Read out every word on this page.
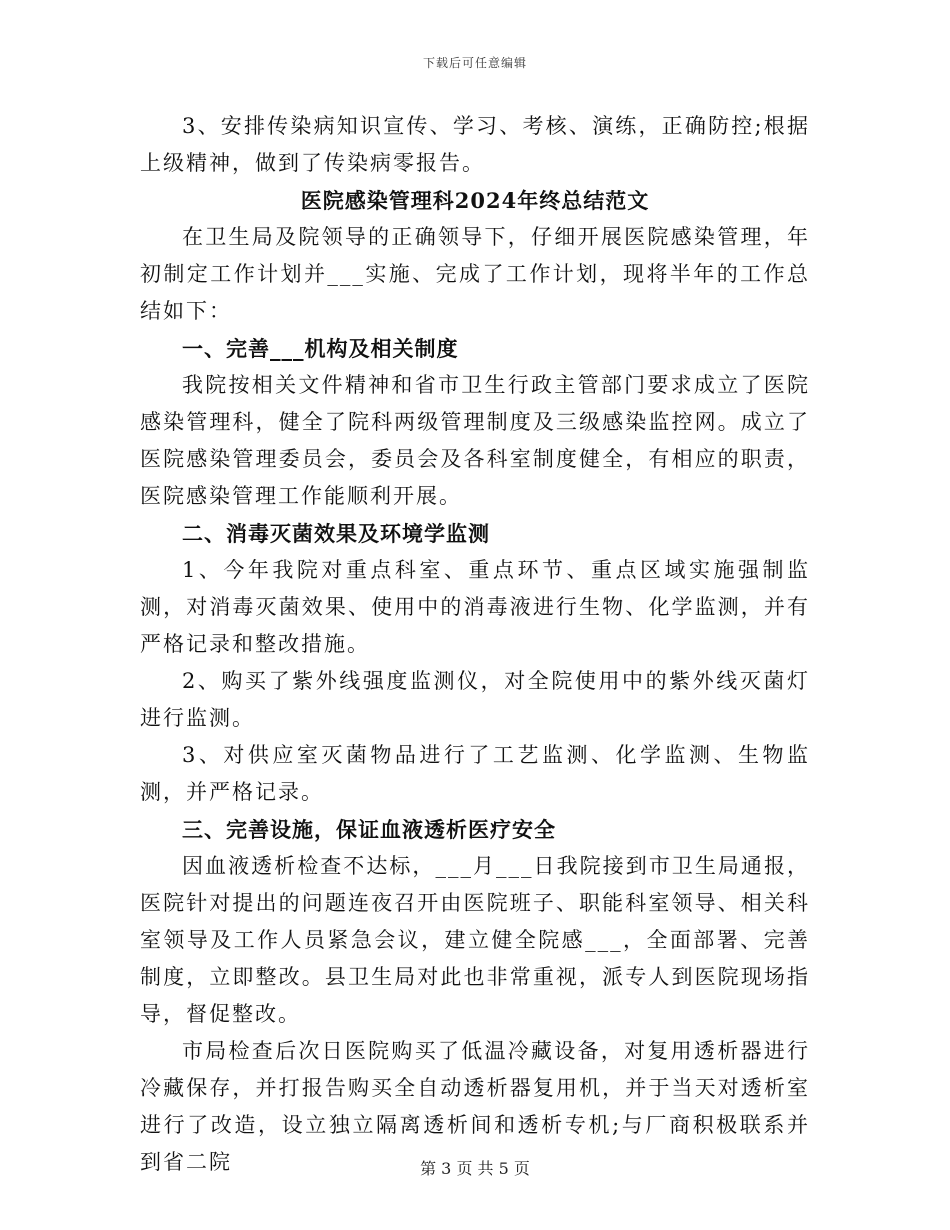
下载后可任意编辑

3、安排传染病知识宣传、学习、考核、演练，正确防控;根据上级精神，做到了传染病零报告。

医院感染管理科2024年终总结范文

在卫生局及院领导的正确领导下，仔细开展医院感染管理，年初制定工作计划并___实施、完成了工作计划，现将半年的工作总结如下：

一、完善___机构及相关制度

我院按相关文件精神和省市卫生行政主管部门要求成立了医院感染管理科，健全了院科两级管理制度及三级感染监控网。成立了医院感染管理委员会，委员会及各科室制度健全，有相应的职责，医院感染管理工作能顺利开展。

二、消毒灭菌效果及环境学监测

1、今年我院对重点科室、重点环节、重点区域实施强制监测，对消毒灭菌效果、使用中的消毒液进行生物、化学监测，并有严格记录和整改措施。

2、购买了紫外线强度监测仪，对全院使用中的紫外线灭菌灯进行监测。

3、对供应室灭菌物品进行了工艺监测、化学监测、生物监测，并严格记录。

三、完善设施，保证血液透析医疗安全

因血液透析检查不达标，___月___日我院接到市卫生局通报，医院针对提出的问题连夜召开由医院班子、职能科室领导、相关科室领导及工作人员紧急会议，建立健全院感___，全面部署、完善制度，立即整改。县卫生局对此也非常重视，派专人到医院现场指导，督促整改。

市局检查后次日医院购买了低温冷藏设备，对复用透析器进行冷藏保存，并打报告购买全自动透析器复用机，并于当天对透析室进行了改造，设立独立隔离透析间和透析专机;与厂商积极联系并到省二院	第 3 页 共 5 页
